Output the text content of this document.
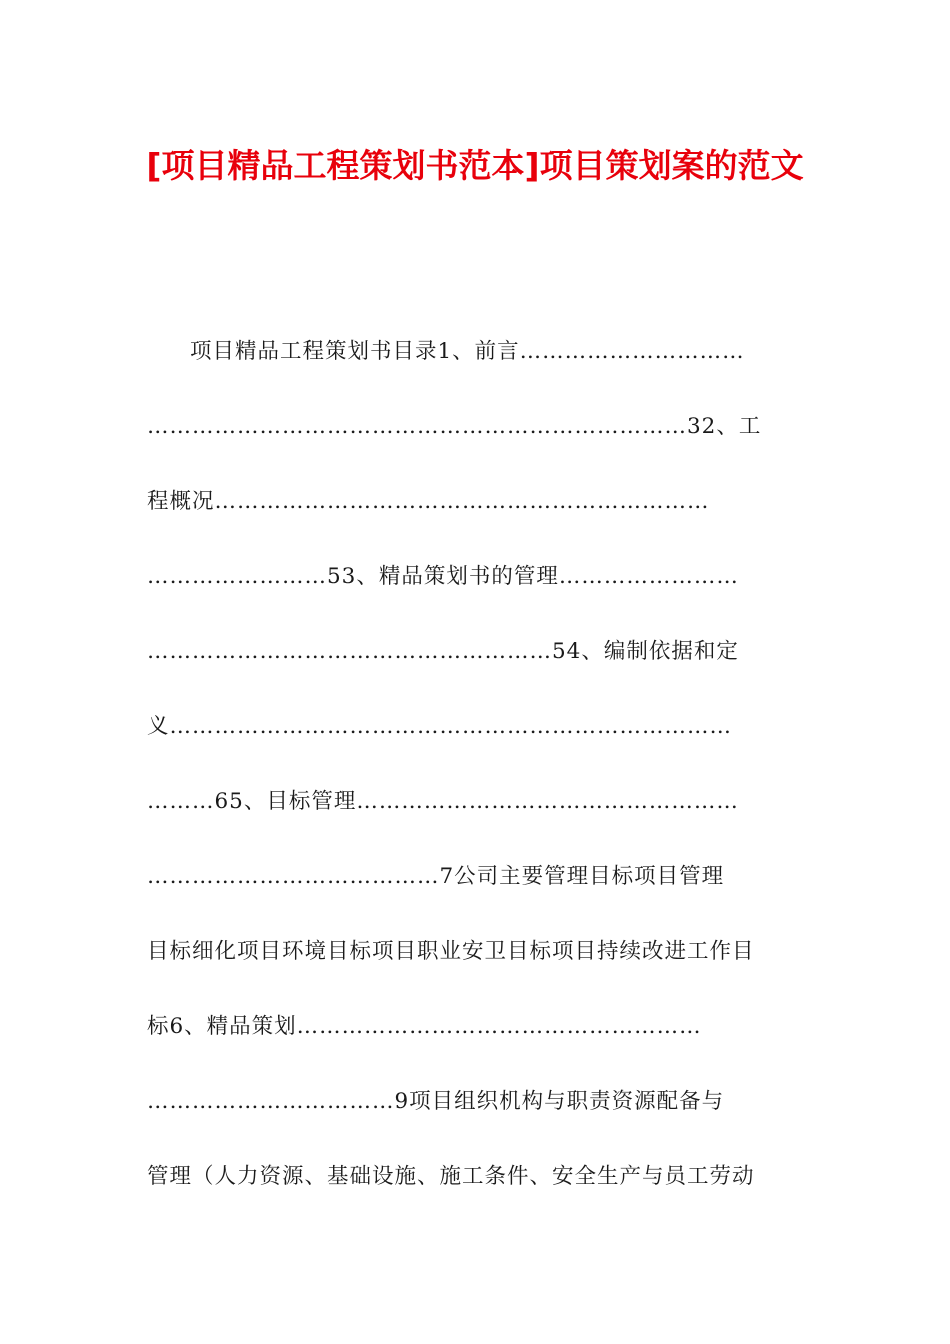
[项目精品工程策划书范本]项目策划案的范文
项目精品工程策划书目录1、前言…………………………
………………………………………………………………32、工
程概况…………………………………………………………
……………………53、精品策划书的管理……………………
………………………………………………54、编制依据和定
义…………………………………………………………………
………65、目标管理……………………………………………
…………………………………7公司主要管理目标项目管理
目标细化项目环境目标项目职业安卫目标项目持续改进工作目
标6、精品策划………………………………………………
……………………………9项目组织机构与职责资源配备与
管理（人力资源、基础设施、施工条件、安全生产与员工劳动
